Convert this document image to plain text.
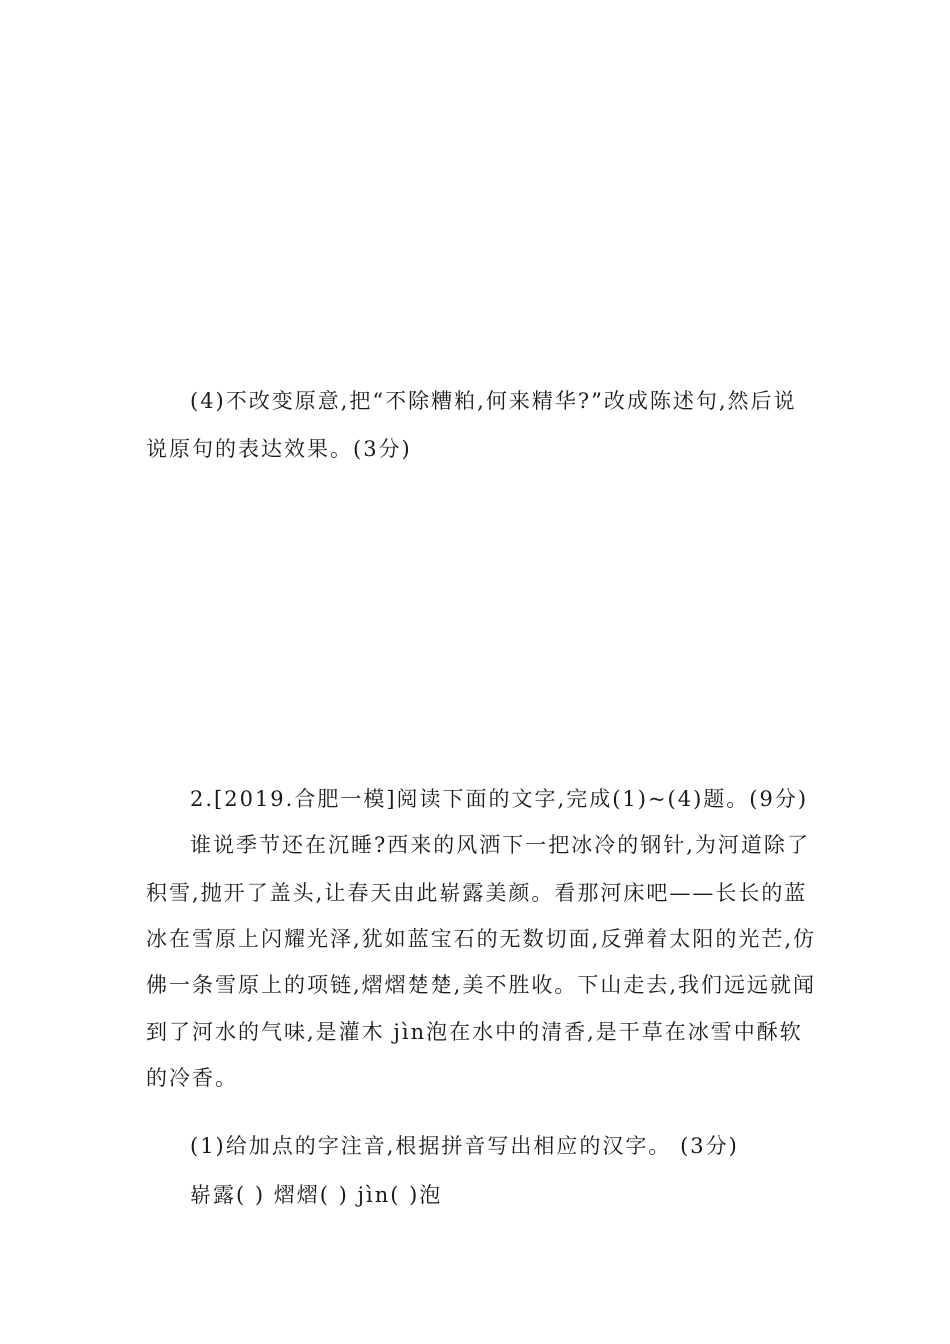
(4)不改变原意,把“不除糟粕,何来精华?”改成陈述句,然后说
说原句的表达效果。(3分)
2.[2019.合肥一模]阅读下面的文字,完成(1)~(4)题。(9分)
谁说季节还在沉睡?西来的风洒下一把冰冷的钢针,为河道除了
积雪,抛开了盖头,让春天由此崭露美颜。看那河床吧——长长的蓝
冰在雪原上闪耀光泽,犹如蓝宝石的无数切面,反弹着太阳的光芒,仿
佛一条雪原上的项链,熠熠楚楚,美不胜收。下山走去,我们远远就闻
到了河水的气味,是灌木 jìn泡在水中的清香,是干草在冰雪中酥软
的冷香。
(1)给加点的字注音,根据拼音写出相应的汉字。 (3分)
崭露( ) 熠熠( ) jìn( )泡
